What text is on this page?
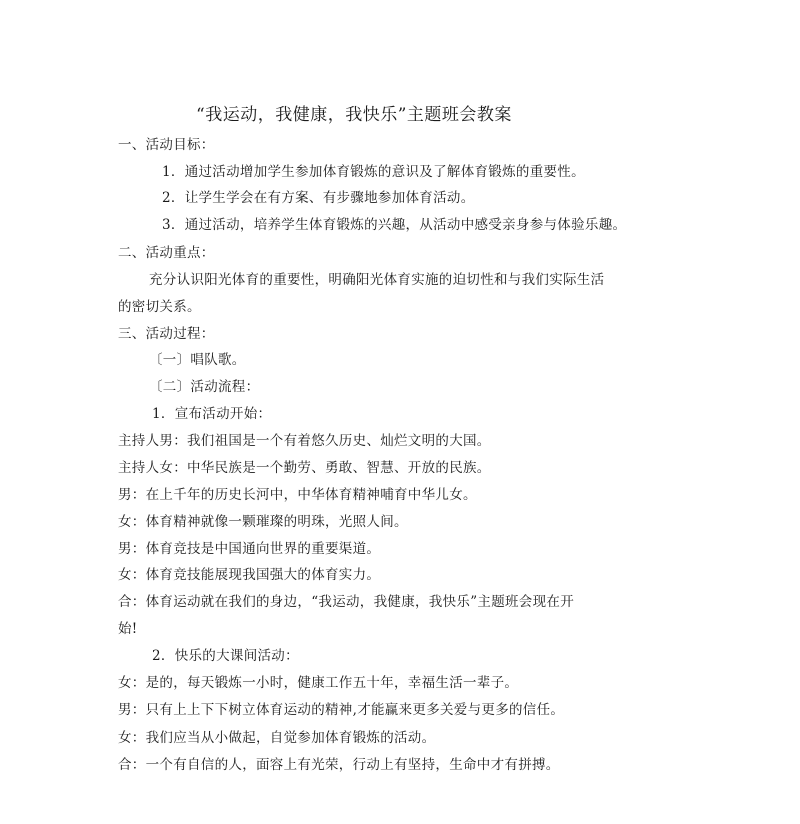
“我运动，我健康，我快乐”主题班会教案
一、活动目标：
1．通过活动增加学生参加体育锻炼的意识及了解体育锻炼的重要性。
2．让学生学会在有方案、有步骤地参加体育活动。
3．通过活动，培养学生体育锻炼的兴趣，从活动中感受亲身参与体验乐趣。
二、活动重点：
充分认识阳光体育的重要性，明确阳光体育实施的迫切性和与我们实际生活
的密切关系。
三、活动过程：
〔一〕唱队歌。
〔二〕活动流程：
1．宣布活动开始：
主持人男：我们祖国是一个有着悠久历史、灿烂文明的大国。
主持人女：中华民族是一个勤劳、勇敢、智慧、开放的民族。
男：在上千年的历史长河中，中华体育精神哺育中华儿女。
女：体育精神就像一颗璀璨的明珠，光照人间。
男：体育竞技是中国通向世界的重要渠道。
女：体育竞技能展现我国强大的体育实力。
合：体育运动就在我们的身边，“我运动，我健康，我快乐”主题班会现在开
始!
2．快乐的大课间活动：
女：是的，每天锻炼一小时，健康工作五十年，幸福生活一辈子。
男：只有上上下下树立体育运动的精神,才能赢来更多关爱与更多的信任。
女：我们应当从小做起，自觉参加体育锻炼的活动。
合：一个有自信的人，面容上有光荣，行动上有坚持，生命中才有拼搏。
